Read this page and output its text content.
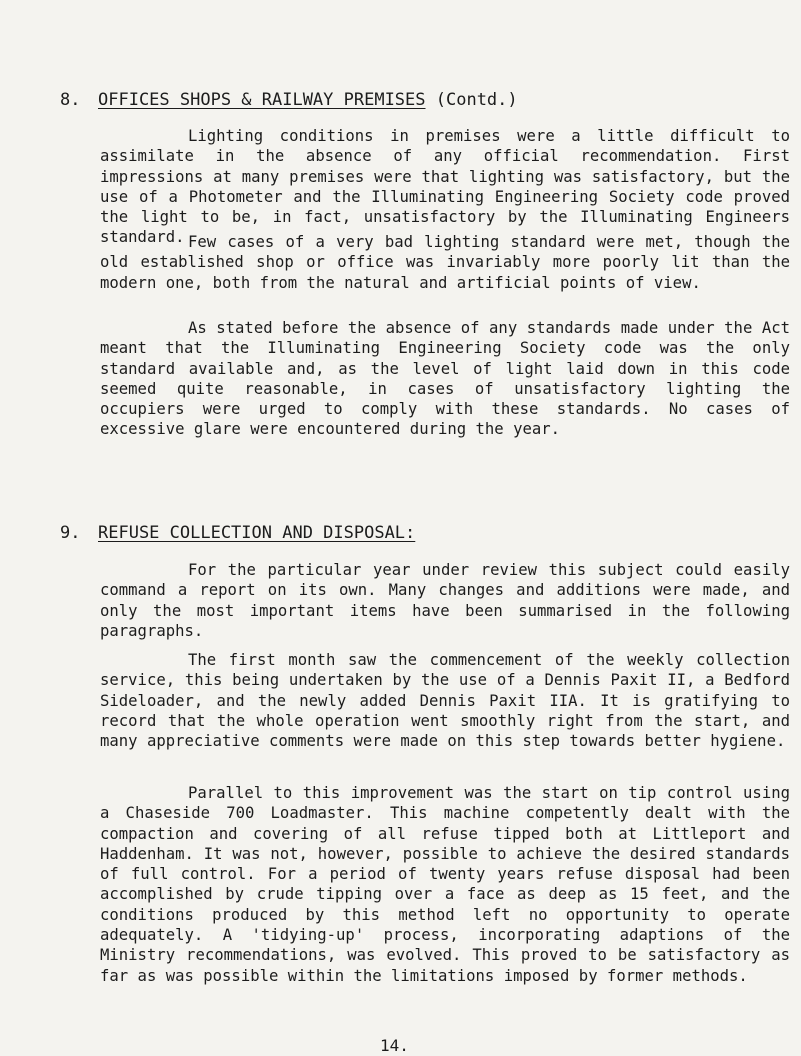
8. OFFICES SHOPS & RAILWAY PREMISES (Contd.)

Lighting conditions in premises were a little difficult to assimilate in the absence of any official recommendation. First impressions at many premises were that lighting was satisfactory, but the use of a Photometer and the Illuminating Engineering Society code proved the light to be, in fact, unsatisfactory by the Illuminating Engineers standard. Few cases of a very bad lighting standard were met, though the old established shop or office was invariably more poorly lit than the modern one, both from the natural and artificial points of view.

As stated before the absence of any standards made under the Act meant that the Illuminating Engineering Society code was the only standard available and, as the level of light laid down in this code seemed quite reasonable, in cases of unsatisfactory lighting the occupiers were urged to comply with these standards. No cases of excessive glare were encountered during the year.

9. REFUSE COLLECTION AND DISPOSAL:

For the particular year under review this subject could easily command a report on its own. Many changes and additions were made, and only the most important items have been summarised in the following paragraphs.

The first month saw the commencement of the weekly collection service, this being undertaken by the use of a Dennis Paxit II, a Bedford Sideloader, and the newly added Dennis Paxit IIA. It is gratifying to record that the whole operation went smoothly right from the start, and many appreciative comments were made on this step towards better hygiene.

Parallel to this improvement was the start on tip control using a Chaseside 700 Loadmaster. This machine competently dealt with the compaction and covering of all refuse tipped both at Littleport and Haddenham. It was not, however, possible to achieve the desired standards of full control. For a period of twenty years refuse disposal had been accomplished by crude tipping over a face as deep as 15 feet, and the conditions produced by this method left no opportunity to operate adequately. A 'tidying-up' process, incorporating adaptions of the Ministry recommendations, was evolved. This proved to be satisfactory as far as was possible within the limitations imposed by former methods.

14.
